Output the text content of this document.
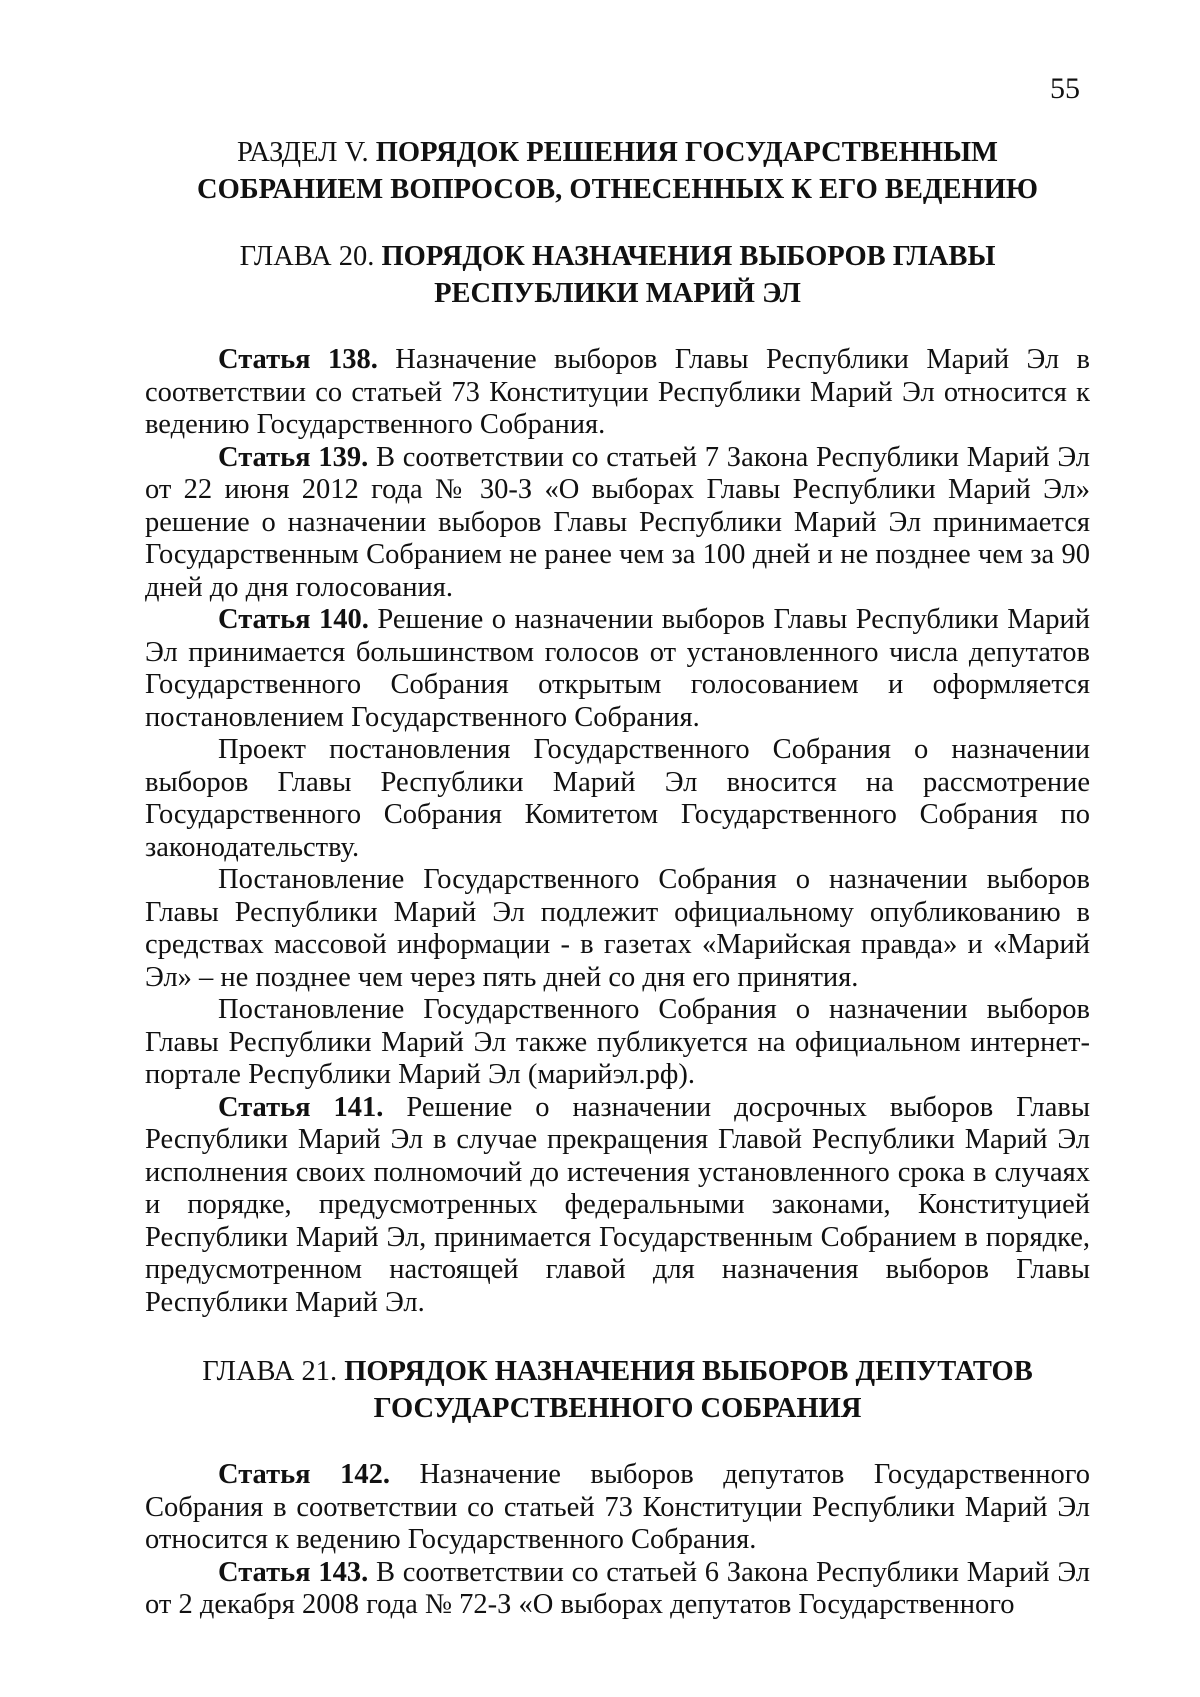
55
РАЗДЕЛ V. ПОРЯДОК РЕШЕНИЯ ГОСУДАРСТВЕННЫМ СОБРАНИЕМ ВОПРОСОВ, ОТНЕСЕННЫХ К ЕГО ВЕДЕНИЮ
ГЛАВА 20. ПОРЯДОК НАЗНАЧЕНИЯ ВЫБОРОВ ГЛАВЫ РЕСПУБЛИКИ МАРИЙ ЭЛ

Статья 138. Назначение выборов Главы Республики Марий Эл в соответствии со статьей 73 Конституции Республики Марий Эл относится к ведению Государственного Собрания.

Статья 139. В соответствии со статьей 7 Закона Республики Марий Эл от 22 июня 2012 года № 30-З «О выборах Главы Республики Марий Эл» решение о назначении выборов Главы Республики Марий Эл принимается Государственным Собранием не ранее чем за 100 дней и не позднее чем за 90 дней до дня голосования.

Статья 140. Решение о назначении выборов Главы Республики Марий Эл принимается большинством голосов от установленного числа депутатов Государственного Собрания открытым голосованием и оформляется постановлением Государственного Собрания.

Проект постановления Государственного Собрания о назначении выборов Главы Республики Марий Эл вносится на рассмотрение Государственного Собрания Комитетом Государственного Собрания по законодательству.

Постановление Государственного Собрания о назначении выборов Главы Республики Марий Эл подлежит официальному опубликованию в средствах массовой информации - в газетах «Марийская правда» и «Марий Эл» – не позднее чем через пять дней со дня его принятия.

Постановление Государственного Собрания о назначении выборов Главы Республики Марий Эл также публикуется на официальном интернет-портале Республики Марий Эл (марийэл.рф).

Статья 141. Решение о назначении досрочных выборов Главы Республики Марий Эл в случае прекращения Главой Республики Марий Эл исполнения своих полномочий до истечения установленного срока в случаях и порядке, предусмотренных федеральными законами, Конституцией Республики Марий Эл, принимается Государственным Собранием в порядке, предусмотренном настоящей главой для назначения выборов Главы Республики Марий Эл.

ГЛАВА 21. ПОРЯДОК НАЗНАЧЕНИЯ ВЫБОРОВ ДЕПУТАТОВ ГОСУДАРСТВЕННОГО СОБРАНИЯ

Статья 142. Назначение выборов депутатов Государственного Собрания в соответствии со статьей 73 Конституции Республики Марий Эл относится к ведению Государственного Собрания.

Статья 143. В соответствии со статьей 6 Закона Республики Марий Эл от 2 декабря 2008 года № 72-З «О выборах депутатов Государственного
